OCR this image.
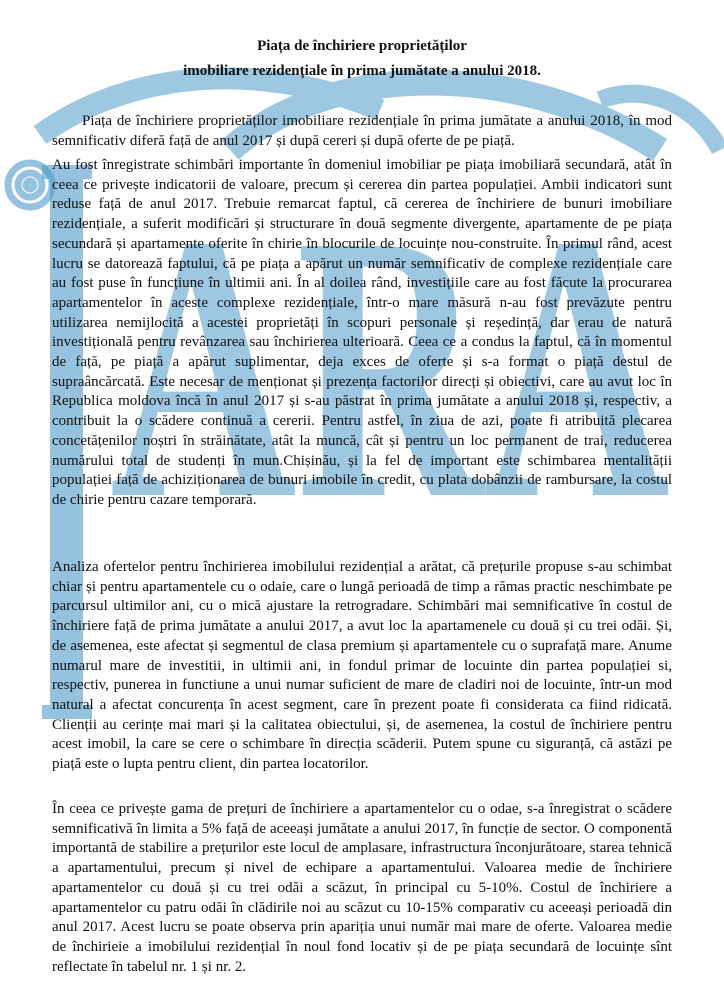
ARA
Piața de închiriere proprietăților
imobiliare rezidențiale în prima jumătate a anului 2018.

Piața de închiriere proprietăților imobiliare rezidențiale în prima jumătate a anului 2018, în mod semnificativ diferă față de anul 2017 și după cereri și după oferte de pe piață.

Au fost înregistrate schimbări importante în domeniul imobiliar pe piața imobiliară secundară, atât în ceea ce privește indicatorii de valoare, precum și cererea din partea populației. Ambii indicatori sunt reduse față de anul 2017. Trebuie remarcat faptul, că cererea de închiriere de bunuri imobiliare rezidențiale, a suferit modificări și structurare în două segmente divergente, apartamente de pe piața secundară și apartamente oferite în chirie în blocurile de locuințe nou-construite. În primul rând, acest lucru se datorează faptului, că pe piața a apărut un număr semnificativ de complexe rezidențiale care au fost puse în funcțiune în ultimii ani. În al doilea rând, investițiile care au fost făcute la procurarea apartamentelor în aceste complexe rezidențiale, într-o mare măsură n-au fost prevăzute pentru utilizarea nemijlocită a acestei proprietăți în scopuri personale și reședință, dar erau de natură investițională pentru revânzarea sau închirierea ulterioară. Ceea ce a condus la faptul, că în momentul de față, pe piață a apărut suplimentar, deja exces de oferte și s-a format o piață destul de supraâncărcată. Este necesar de menționat și prezența factorilor direcți și obiectivi, care au avut loc în Republica moldova încă în anul 2017 și s-au păstrat în prima jumătate a anului 2018 și, respectiv, a contribuit la o scădere continuă a cererii. Pentru astfel, în ziua de azi, poate fi atribuită plecarea concetățenilor noștri în străinătate, atât la muncă, cât și pentru un loc permanent de trai, reducerea numărului total de studenți în mun.Chișinău, și la fel de important este schimbarea mentalității populației față de achiziționarea de bunuri imobile în credit, cu plata dobânzii de rambursare, la costul de chirie pentru cazare temporară.

Analiza ofertelor pentru închirierea imobilului rezidențial a arătat, că prețurile propuse s-au schimbat chiar și pentru apartamentele cu o odaie, care o lungă perioadă de timp a rămas practic neschimbate pe parcursul ultimilor ani, cu o mică ajustare la retrogradare. Schimbări mai semnificative în costul de închiriere față de prima jumătate a anului 2017, a avut loc la apartamenele cu două și cu trei odăi. Și, de asemenea, este afectat și segmentul de clasa premium și apartamentele cu o suprafață mare. Anume numarul mare de investitii, in ultimii ani, in fondul primar de locuinte din partea populației si, respectiv, punerea in functiune a unui numar suficient de mare de cladiri noi de locuinte, într-un mod natural a afectat concurența în acest segment, care în prezent poate fi considerata ca fiind ridicată. Clienții au cerințe mai mari și la calitatea obiectului, și, de asemenea, la costul de închiriere pentru acest imobil, la care se cere o schimbare în direcția scăderii. Putem spune cu siguranță, că astăzi pe piață este o lupta pentru client, din partea locatorilor.

În ceea ce privește gama de prețuri de închiriere a apartamentelor cu o odae, s-a înregistrat o scădere semnificativă în limita a 5% față de aceeași jumătate a anului 2017, în funcție de sector. O componentă importantă de stabilire a prețurilor este locul de amplasare, infrastructura înconjurătoare, starea tehnică a apartamentului, precum și nivel de echipare a apartamentului. Valoarea medie de închiriere apartamentelor cu două și cu trei odăi a scăzut, în principal cu 5-10%. Costul de închiriere a apartamentelor cu patru odăi în clădirile noi au scăzut cu 10-15% comparativ cu aceeași perioadă din anul 2017. Acest lucru se poate observa prin apariția unui număr mai mare de oferte. Valoarea medie de închirieie a imobilului rezidențial în noul fond locativ și de pe piața secundară de locuințe sînt reflectate în tabelul nr. 1 și nr. 2.
